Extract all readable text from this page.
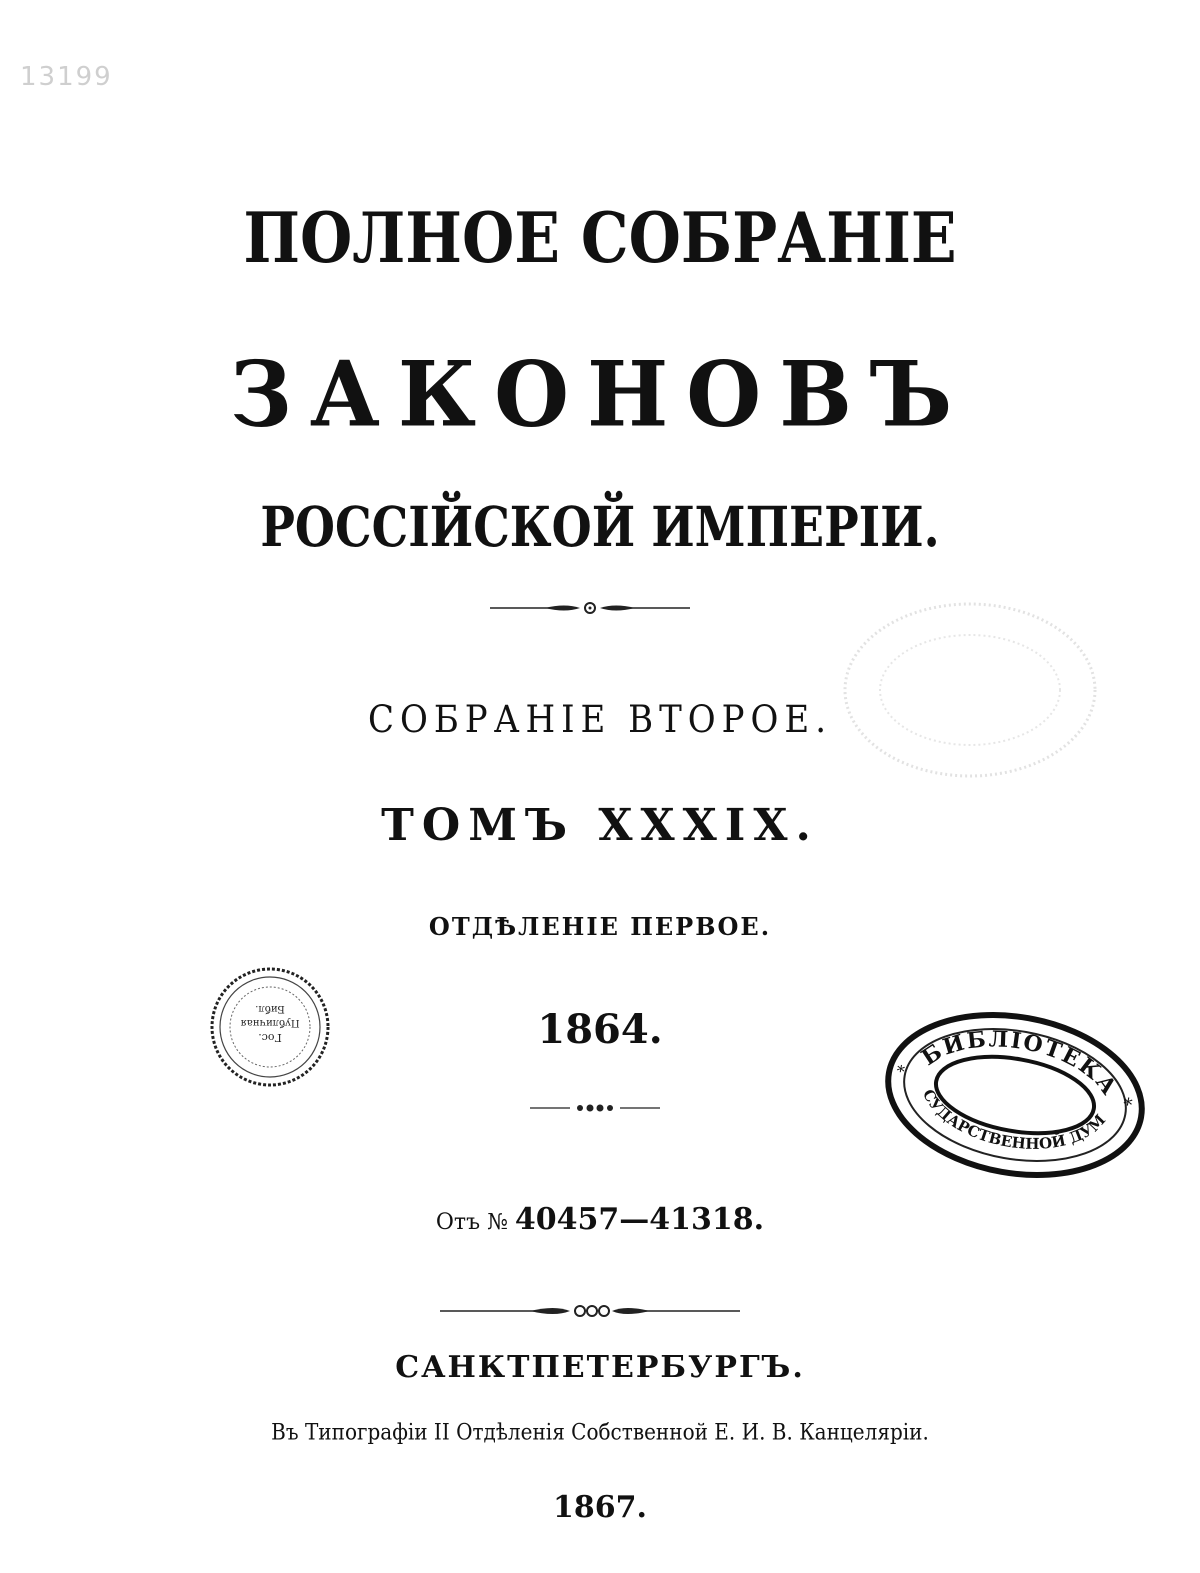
13199
ПОЛНОЕ СОБРАНІЕ
ЗАКОНОВЪ
РОССІЙСКОЙ ИМПЕРІИ.
СОБРАНІЕ ВТОРОЕ.
ТОМЪ XXXIX.
ОТДѢЛЕНІЕ ПЕРВОЕ.
1864.
Отъ № 40457—41318.
САНКТПЕТЕРБУРГЪ.
Въ Типографіи II Отдѣленія Собственной Е. И. В. Канцеляріи.
1867.
Гос.
Публичная
Библ.
БИБЛІОТЕКА
ГОСУДАРСТВЕННОЙ ДУМЫ
*
*
